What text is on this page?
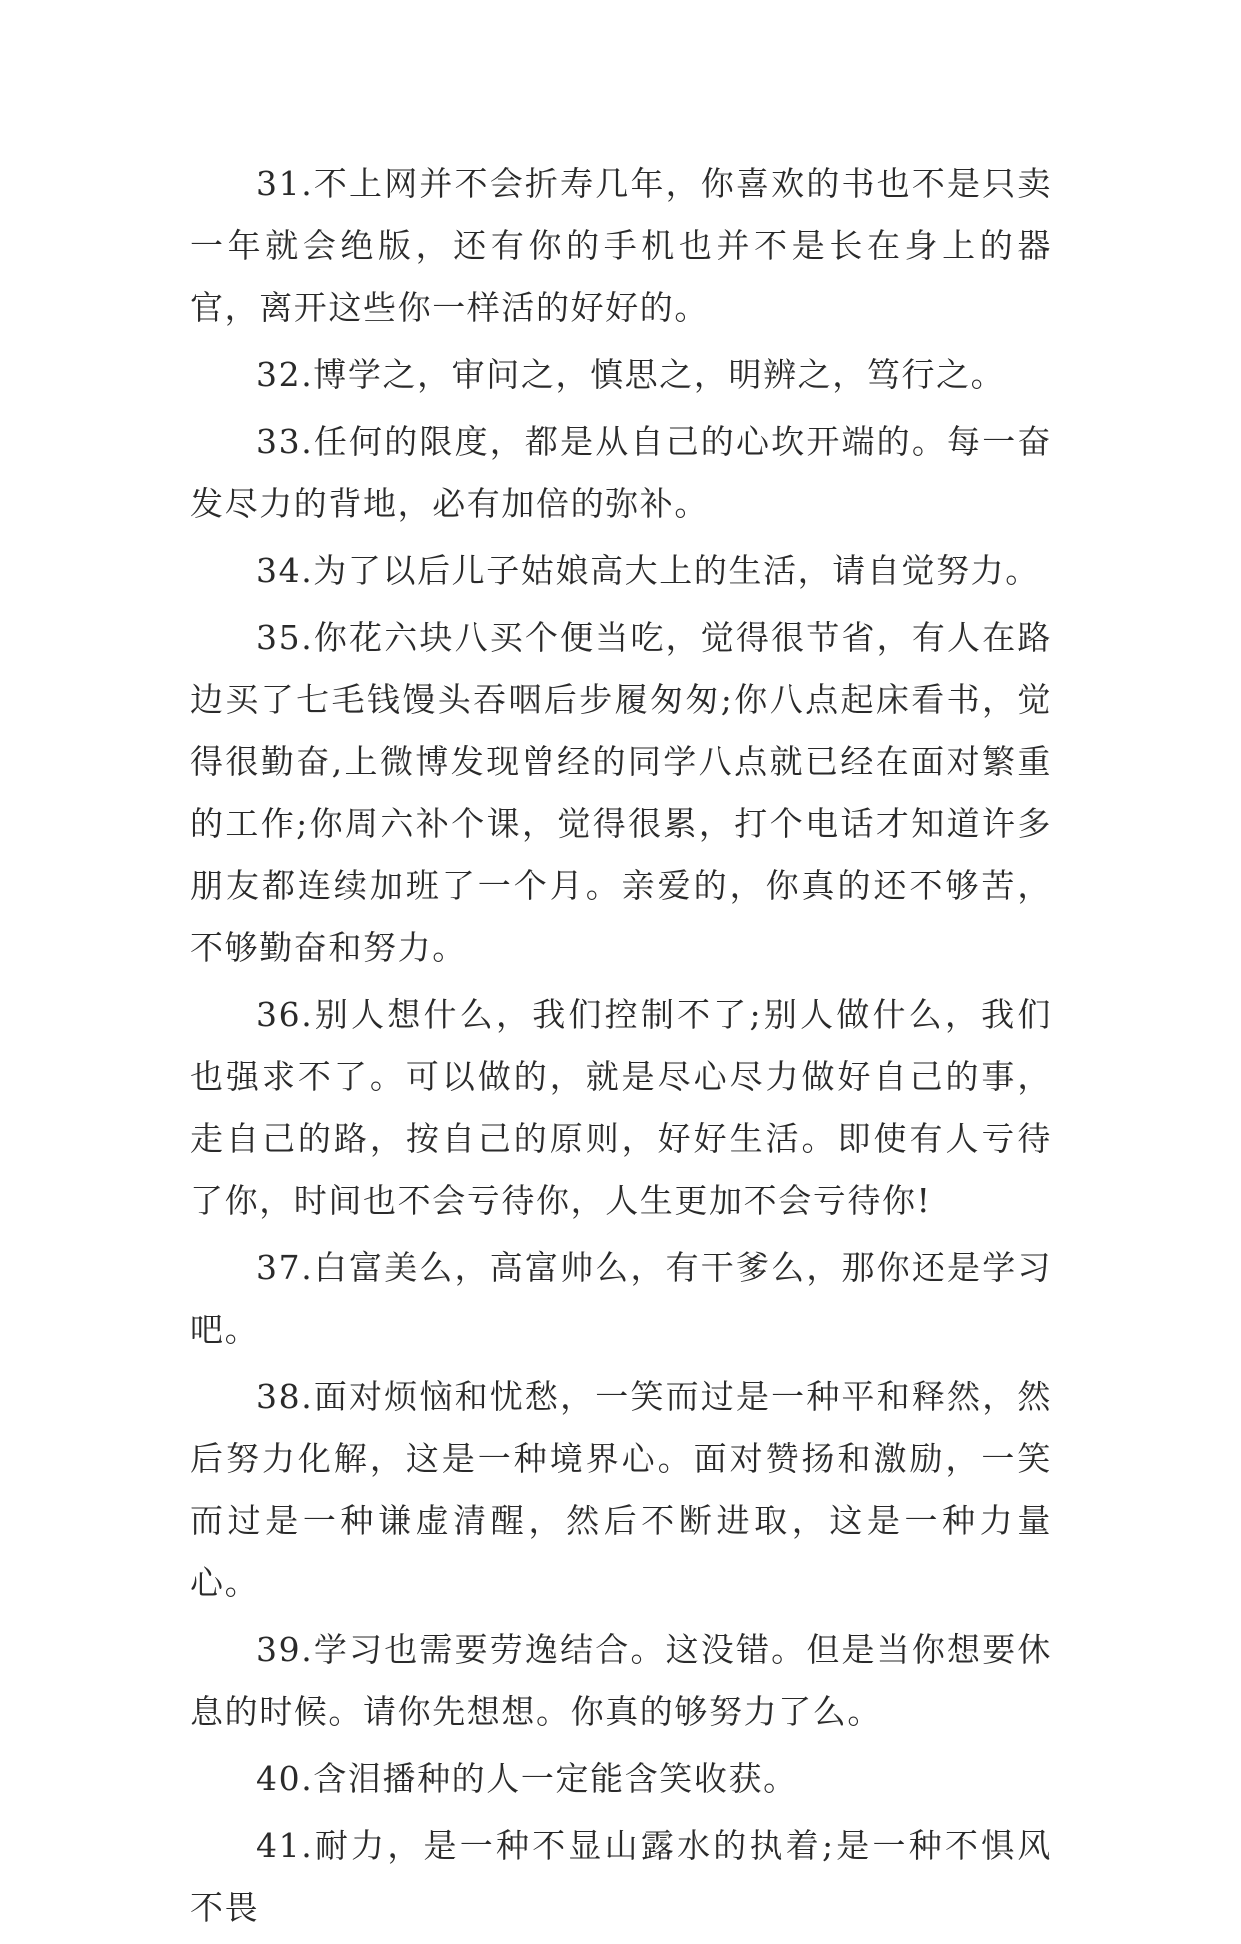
31.不上网并不会折寿几年，你喜欢的书也不是只卖一年就会绝版，还有你的手机也并不是长在身上的器官，离开这些你一样活的好好的。

32.博学之，审问之，慎思之，明辨之，笃行之。

33.任何的限度，都是从自己的心坎开端的。每一奋发尽力的背地，必有加倍的弥补。

34.为了以后儿子姑娘高大上的生活，请自觉努力。

35.你花六块八买个便当吃，觉得很节省，有人在路边买了七毛钱馒头吞咽后步履匆匆;你八点起床看书，觉得很勤奋,上微博发现曾经的同学八点就已经在面对繁重的工作;你周六补个课，觉得很累，打个电话才知道许多朋友都连续加班了一个月。亲爱的，你真的还不够苦，不够勤奋和努力。

36.别人想什么，我们控制不了;别人做什么，我们也强求不了。可以做的，就是尽心尽力做好自己的事，走自己的路，按自己的原则，好好生活。即使有人亏待了你，时间也不会亏待你，人生更加不会亏待你!

37.白富美么，高富帅么，有干爹么，那你还是学习吧。

38.面对烦恼和忧愁，一笑而过是一种平和释然，然后努力化解，这是一种境界心。面对赞扬和激励，一笑而过是一种谦虚清醒，然后不断进取，这是一种力量心。

39.学习也需要劳逸结合。这没错。但是当你想要休息的时候。请你先想想。你真的够努力了么。

40.含泪播种的人一定能含笑收获。

41.耐力，是一种不显山露水的执着;是一种不惧风不畏
